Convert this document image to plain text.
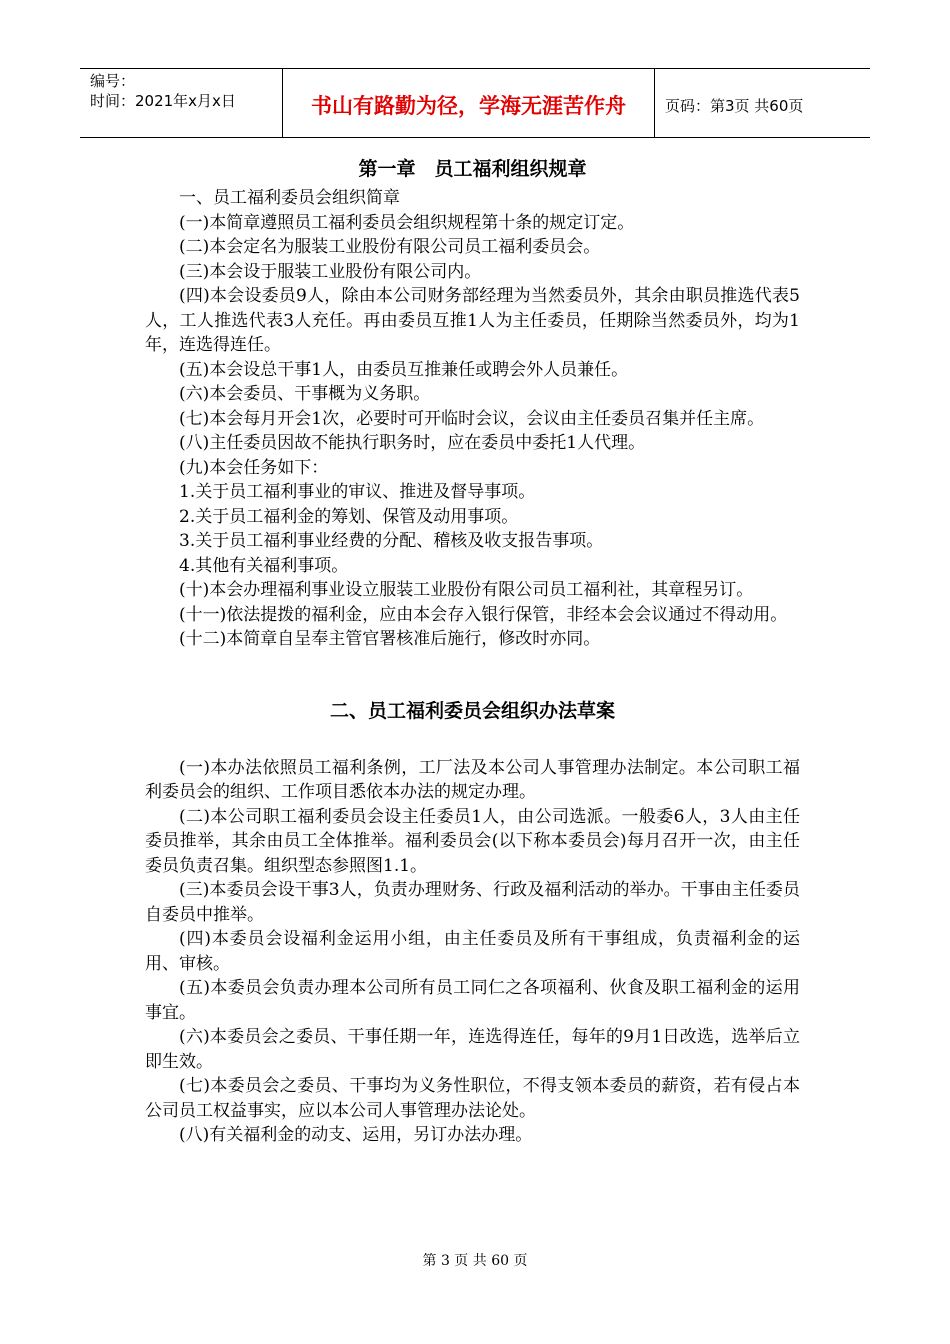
编号：
时间：2021年x月x日	书山有路勤为径，学海无涯苦作舟	页码：第3页 共60页
第一章　员工福利组织规章

一、员工福利委员会组织简章

(一)本简章遵照员工福利委员会组织规程第十条的规定订定。

(二)本会定名为服装工业股份有限公司员工福利委员会。

(三)本会设于服装工业股份有限公司内。

(四)本会设委员9人，除由本公司财务部经理为当然委员外，其余由职员推选代表5人，工人推选代表3人充任。再由委员互推1人为主任委员，任期除当然委员外，均为1年，连选得连任。

(五)本会设总干事1人，由委员互推兼任或聘会外人员兼任。

(六)本会委员、干事概为义务职。

(七)本会每月开会1次，必要时可开临时会议，会议由主任委员召集并任主席。

(八)主任委员因故不能执行职务时，应在委员中委托1人代理。

(九)本会任务如下：

1.关于员工福利事业的审议、推进及督导事项。

2.关于员工福利金的筹划、保管及动用事项。

3.关于员工福利事业经费的分配、稽核及收支报告事项。

4.其他有关福利事项。

(十)本会办理福利事业设立服装工业股份有限公司员工福利社，其章程另订。

(十一)依法提拨的福利金，应由本会存入银行保管，非经本会会议通过不得动用。

(十二)本简章自呈奉主管官署核准后施行，修改时亦同。

二、员工福利委员会组织办法草案

(一)本办法依照员工福利条例，工厂法及本公司人事管理办法制定。本公司职工福利委员会的组织、工作项目悉依本办法的规定办理。

(二)本公司职工福利委员会设主任委员1人，由公司选派。一般委6人，3人由主任委员推举，其余由员工全体推举。福利委员会(以下称本委员会)每月召开一次，由主任委员负责召集。组织型态参照图1.1。

(三)本委员会设干事3人，负责办理财务、行政及福利活动的举办。干事由主任委员自委员中推举。

(四)本委员会设福利金运用小组，由主任委员及所有干事组成，负责福利金的运用、审核。

(五)本委员会负责办理本公司所有员工同仁之各项福利、伙食及职工福利金的运用事宜。

(六)本委员会之委员、干事任期一年，连选得连任，每年的9月1日改选，选举后立即生效。

(七)本委员会之委员、干事均为义务性职位，不得支领本委员的薪资，若有侵占本公司员工权益事实，应以本公司人事管理办法论处。

(八)有关福利金的动支、运用，另订办法办理。

第 3 页 共 60 页
